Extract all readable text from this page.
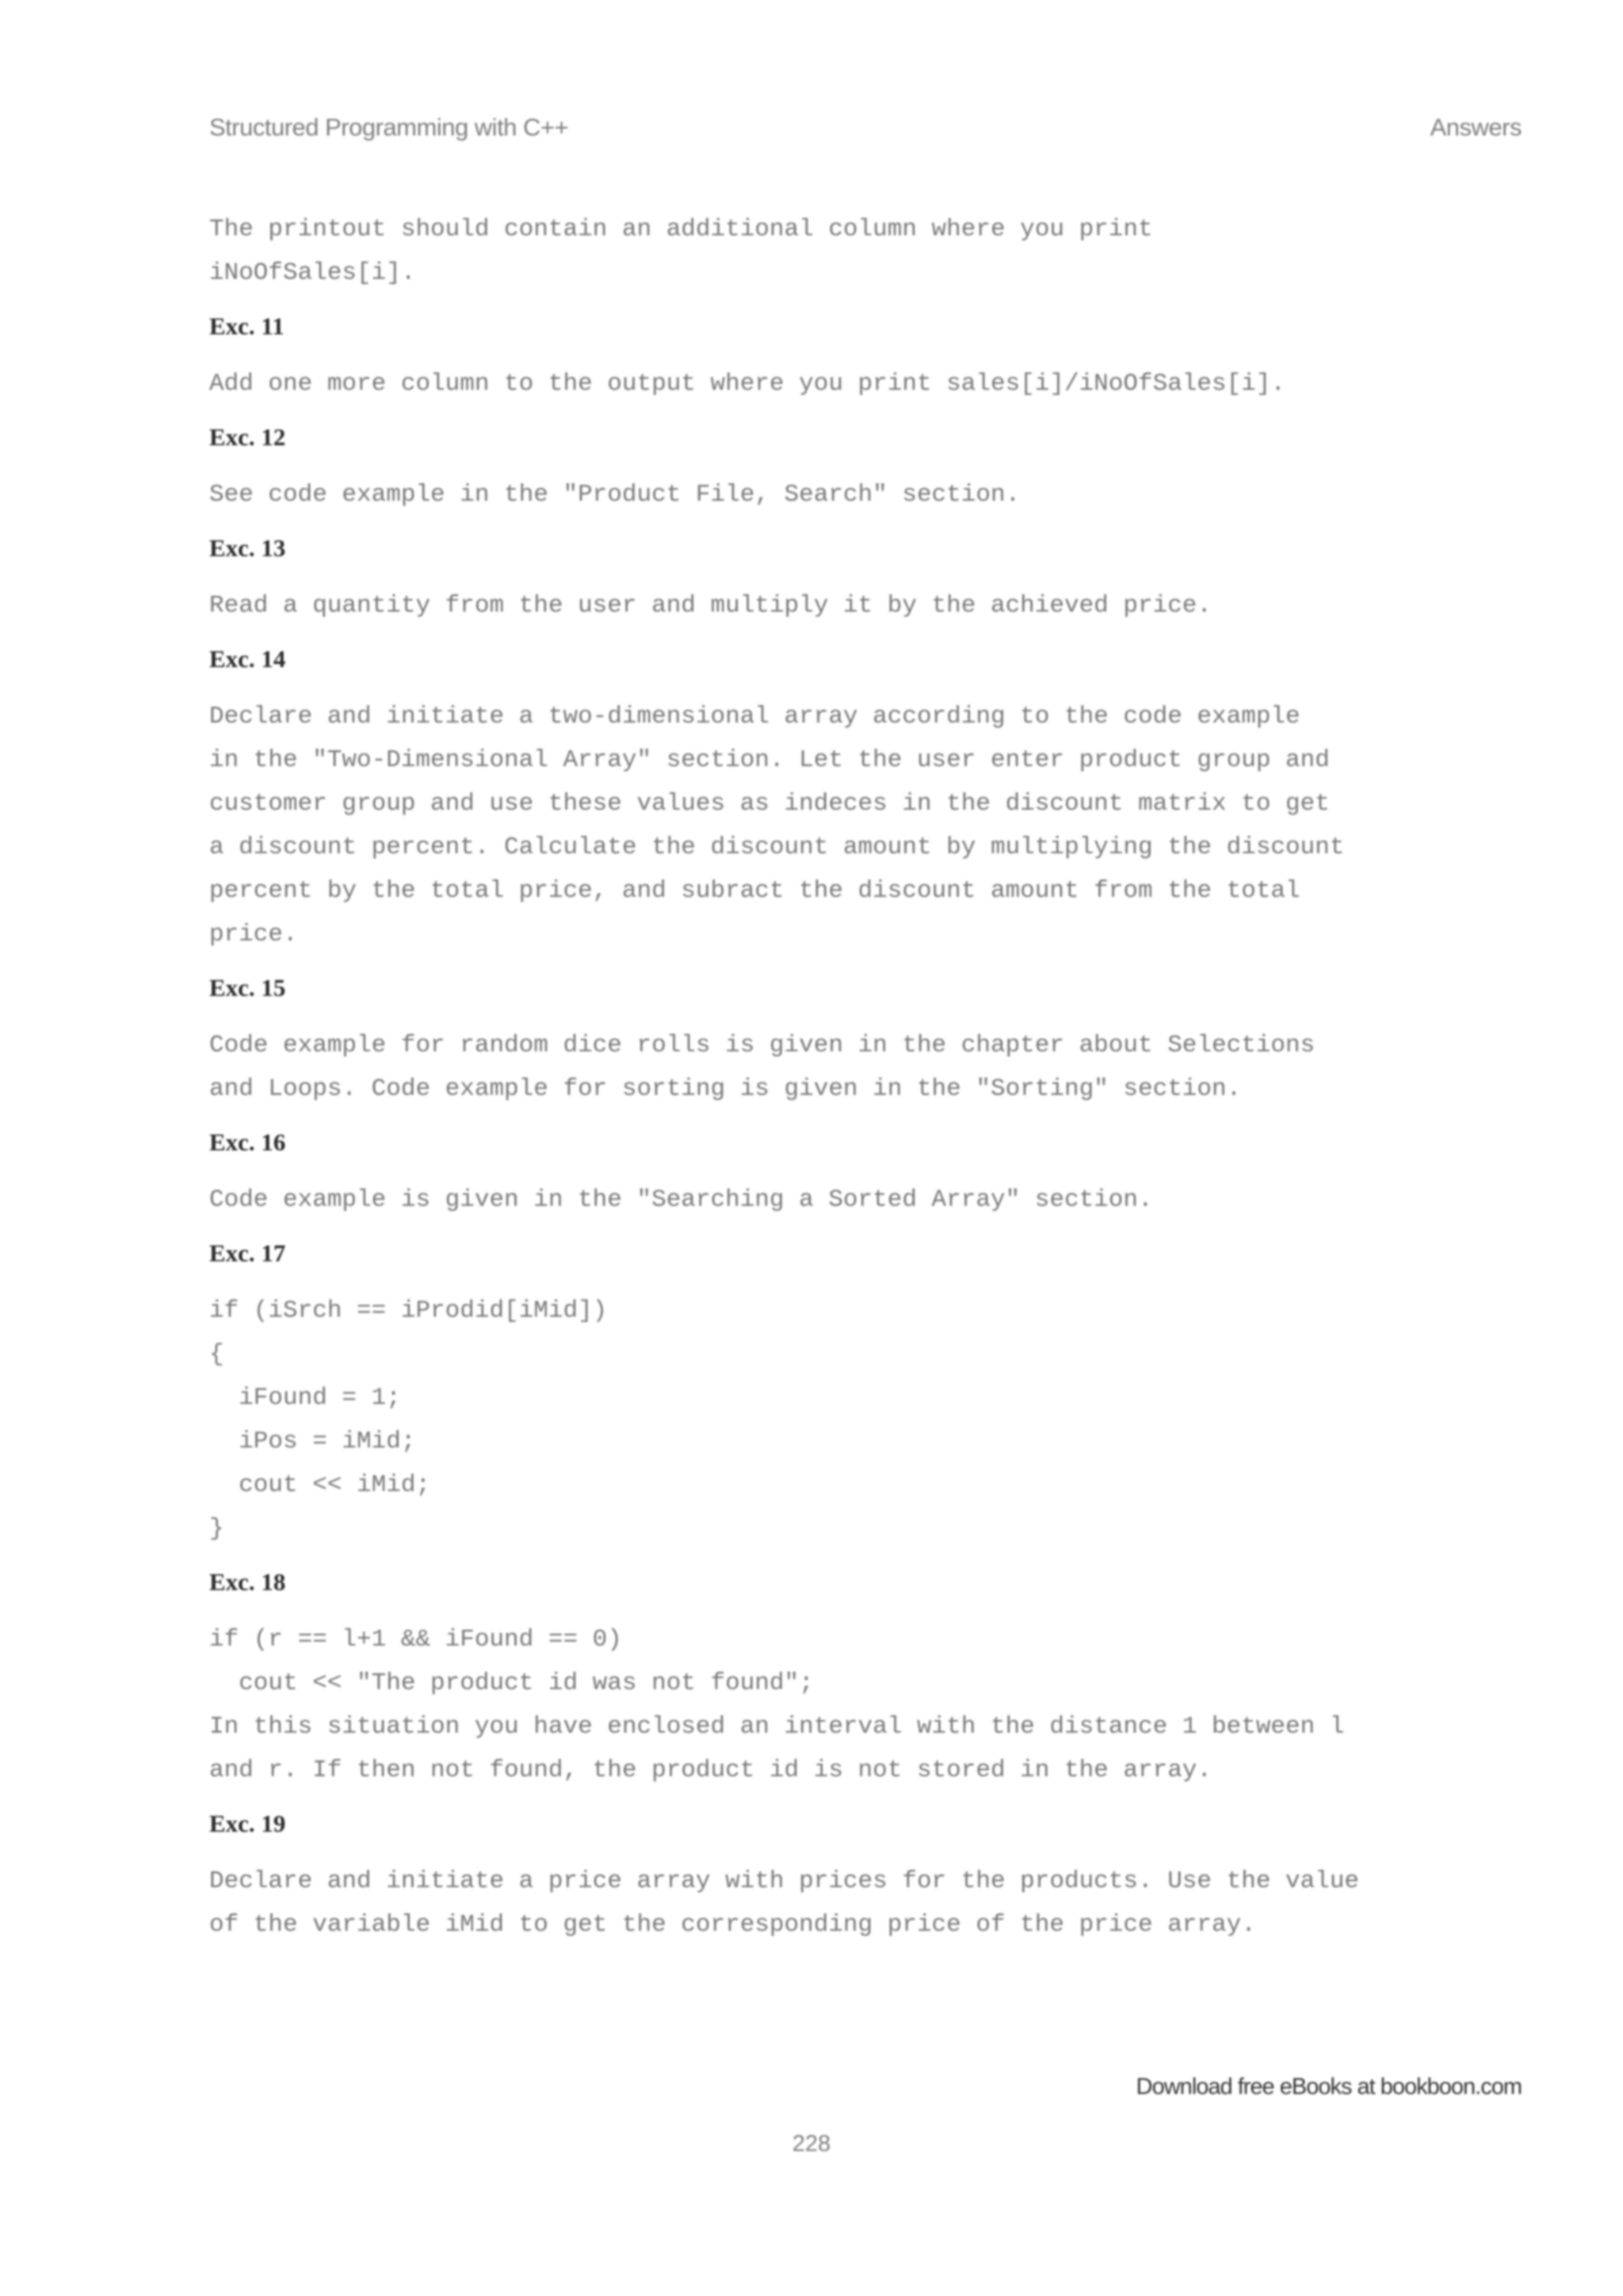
Structured Programming with C++	Answers

The printout should contain an additional column where you print
iNoOfSales[i].

Exc. 11

Add one more column to the output where you print sales[i]/iNoOfSales[i].

Exc. 12

See code example in the "Product File, Search" section.

Exc. 13

Read a quantity from the user and multiply it by the achieved price.

Exc. 14

Declare and initiate a two-dimensional array according to the code example
in the "Two-Dimensional Array" section. Let the user enter product group and
customer group and use these values as indeces in the discount matrix to get
a discount percent. Calculate the discount amount by multiplying the discount
percent by the total price, and subract the discount amount from the total
price.

Exc. 15

Code example for random dice rolls is given in the chapter about Selections
and Loops. Code example for sorting is given in the "Sorting" section.

Exc. 16

Code example is given in the "Searching a Sorted Array" section.

Exc. 17
if (iSrch == iProdid[iMid])
{
iFound = 1;
iPos = iMid;
cout << iMid;
}
Exc. 18
if (r == l+1 && iFound == 0)
cout << "The product id was not found";

In this situation you have enclosed an interval with the distance 1 between l
and r. If then not found, the product id is not stored in the array.

Exc. 19

Declare and initiate a price array with prices for the products. Use the value
of the variable iMid to get the corresponding price of the price array.

Download free eBooks at bookboon.com
228
